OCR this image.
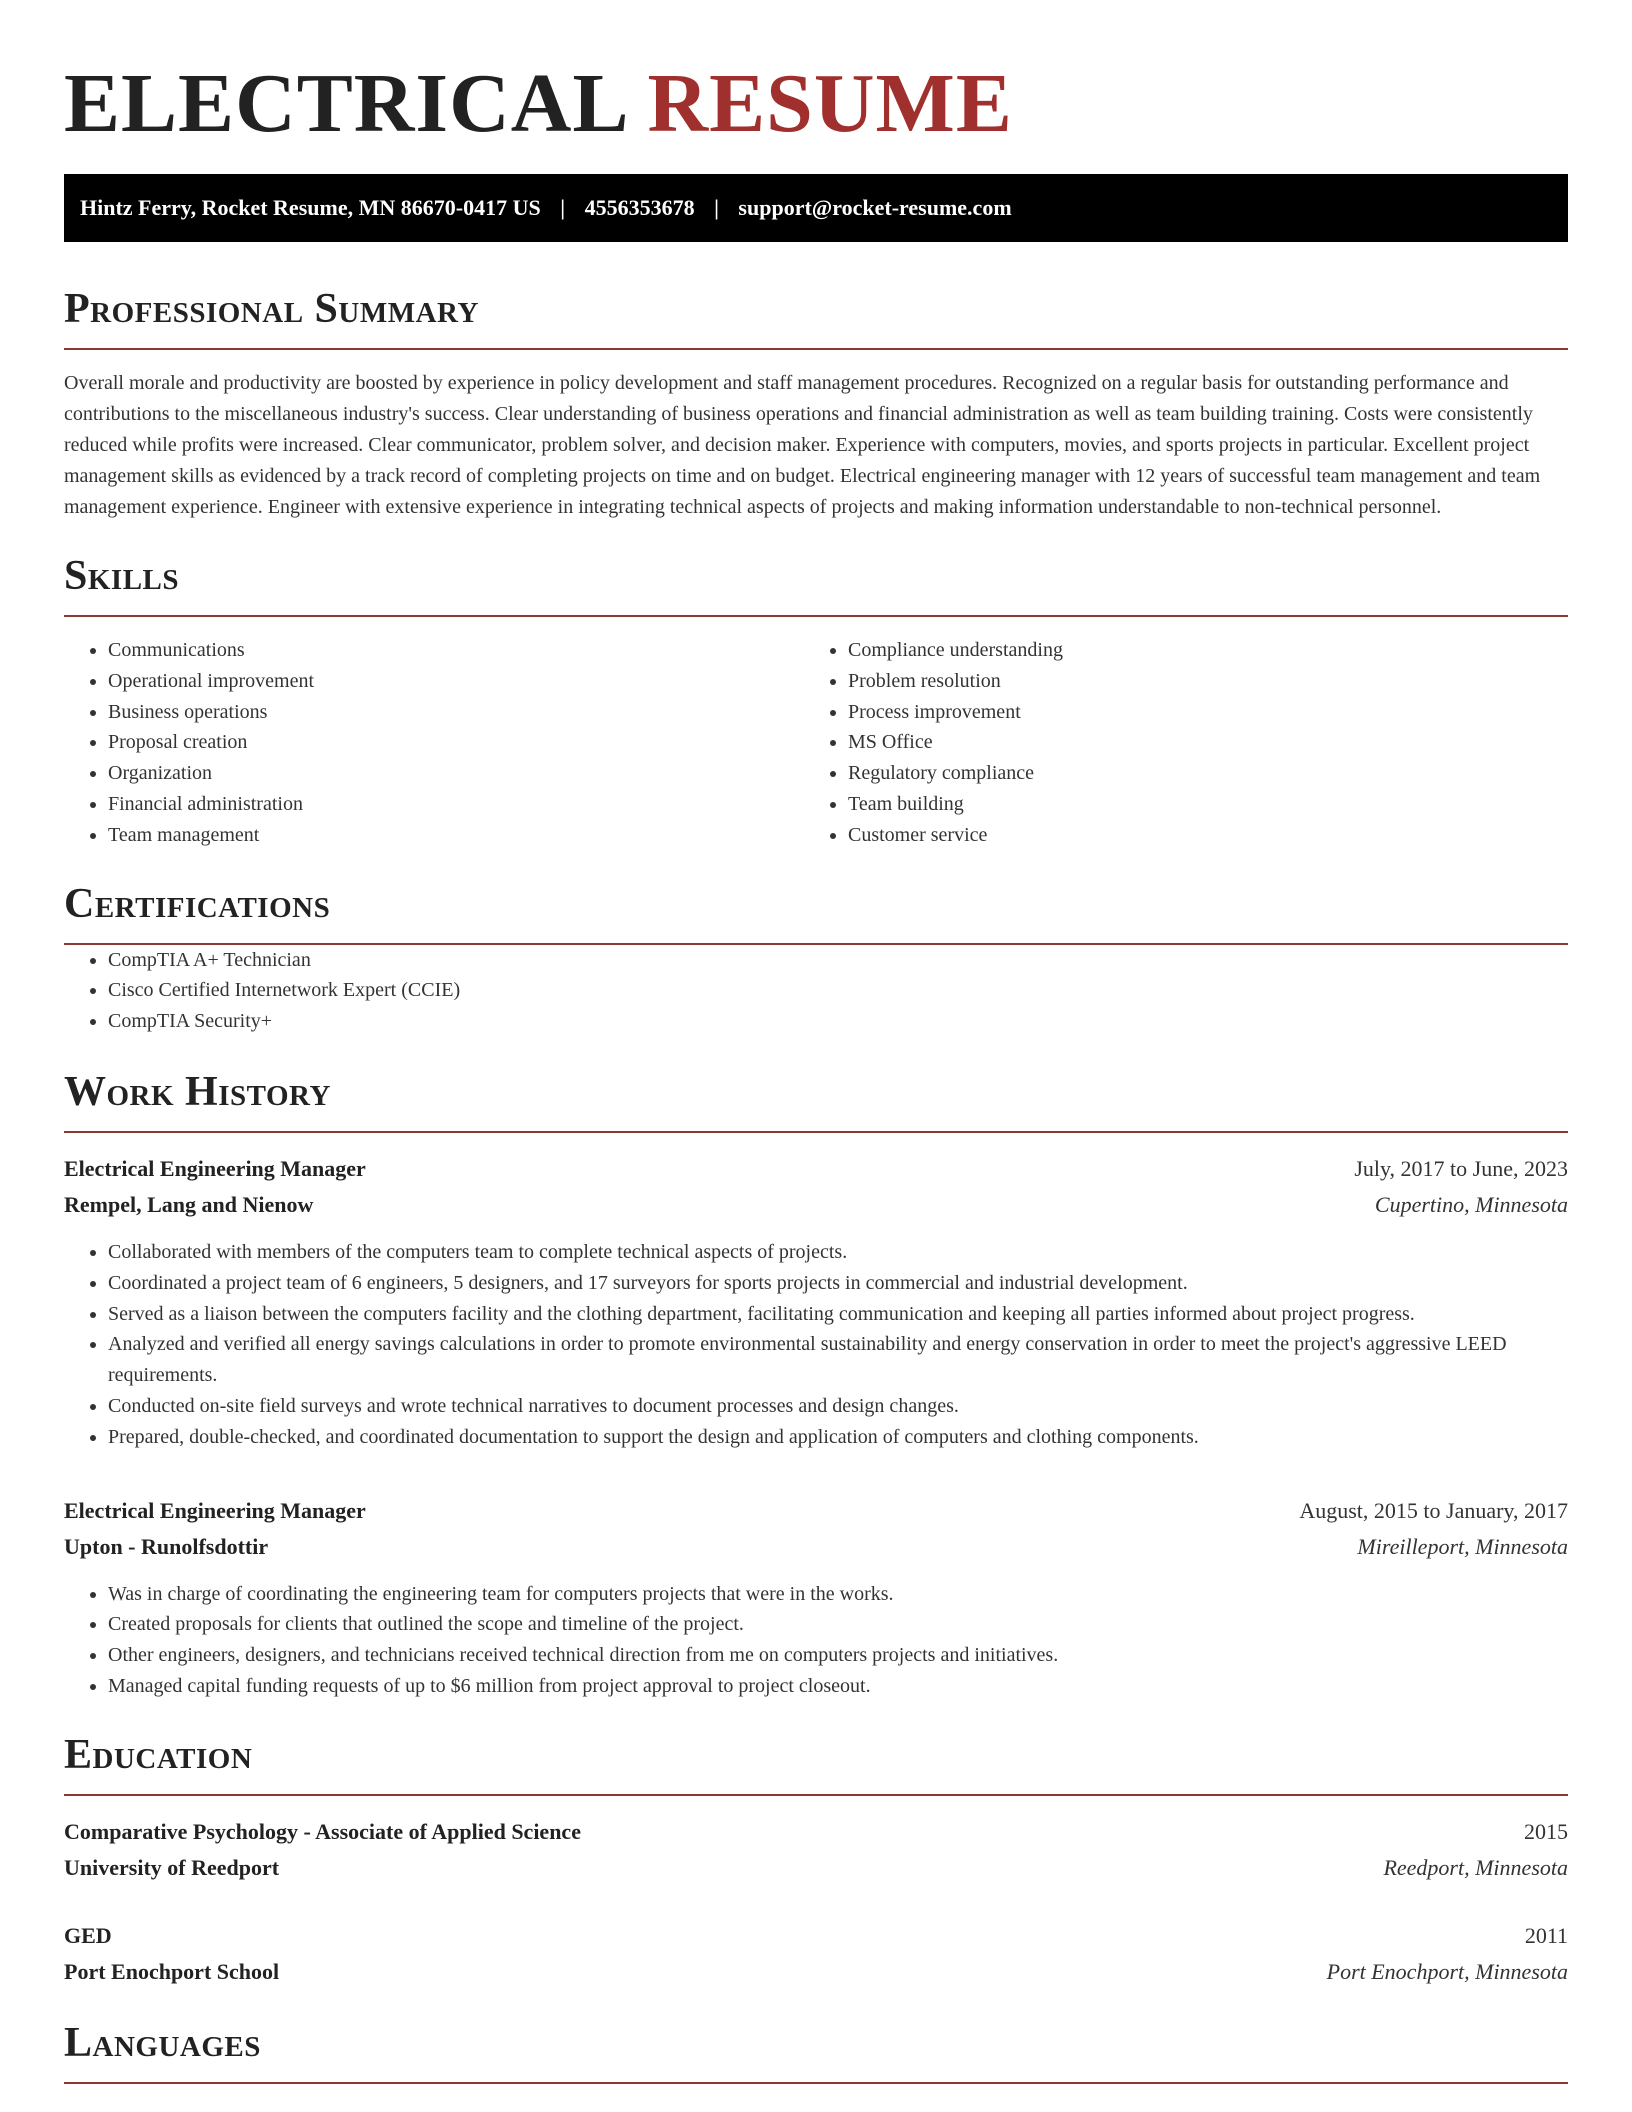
ELECTRICAL RESUME
Hintz Ferry, Rocket Resume, MN 86670-0417 US | 4556353678 | support@rocket-resume.com
Professional Summary

Overall morale and productivity are boosted by experience in policy development and staff management procedures. Recognized on a regular basis for outstanding performance and contributions to the miscellaneous industry's success. Clear understanding of business operations and financial administration as well as team building training. Costs were consistently reduced while profits were increased. Clear communicator, problem solver, and decision maker. Experience with computers, movies, and sports projects in particular. Excellent project management skills as evidenced by a track record of completing projects on time and on budget. Electrical engineering manager with 12 years of successful team management and team management experience. Engineer with extensive experience in integrating technical aspects of projects and making information understandable to non-technical personnel.

Skills
• Communications
• Operational improvement
• Business operations
• Proposal creation
• Organization
• Financial administration
• Team management
• Compliance understanding
• Problem resolution
• Process improvement
• MS Office
• Regulatory compliance
• Team building
• Customer service
Certifications
• CompTIA A+ Technician
• Cisco Certified Internetwork Expert (CCIE)
• CompTIA Security+
Work History
Electrical Engineering Manager	July, 2017 to June, 2023
Rempel, Lang and Nienow	Cupertino, Minnesota
• Collaborated with members of the computers team to complete technical aspects of projects.
• Coordinated a project team of 6 engineers, 5 designers, and 17 surveyors for sports projects in commercial and industrial development.
• Served as a liaison between the computers facility and the clothing department, facilitating communication and keeping all parties informed about project progress.
• Analyzed and verified all energy savings calculations in order to promote environmental sustainability and energy conservation in order to meet the project's aggressive LEED requirements.
• Conducted on-site field surveys and wrote technical narratives to document processes and design changes.
• Prepared, double-checked, and coordinated documentation to support the design and application of computers and clothing components.
Electrical Engineering Manager	August, 2015 to January, 2017
Upton - Runolfsdottir	Mireilleport, Minnesota
• Was in charge of coordinating the engineering team for computers projects that were in the works.
• Created proposals for clients that outlined the scope and timeline of the project.
• Other engineers, designers, and technicians received technical direction from me on computers projects and initiatives.
• Managed capital funding requests of up to $6 million from project approval to project closeout.
Education
Comparative Psychology - Associate of Applied Science	2015
University of Reedport	Reedport, Minnesota
GED	2011
Port Enochport School	Port Enochport, Minnesota
Languages
